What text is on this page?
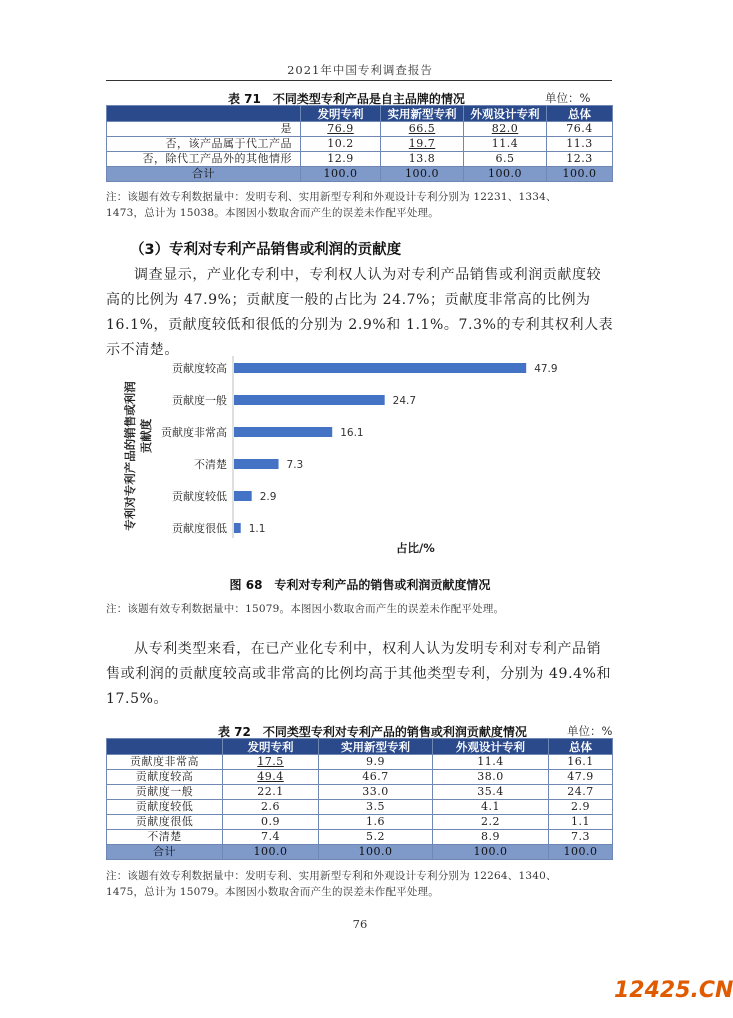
2021年中国专利调查报告
表 71　不同类型专利产品是自主品牌的情况	单位：%
	发明专利	实用新型专利	外观设计专利	总体
是	76.9	66.5	82.0	76.4
否，该产品属于代工产品	10.2	19.7	11.4	11.3
否，除代工产品外的其他情形	12.9	13.8	6.5	12.3
合计	100.0	100.0	100.0	100.0
注：该题有效专利数据量中：发明专利、实用新型专利和外观设计专利分别为 12231、1334、
1473，总计为 15038。本图因小数取舍而产生的误差未作配平处理。
（3）专利对专利产品销售或利润的贡献度
调查显示，产业化专利中，专利权人认为对专利产品销售或利润贡献度较高的比例为 47.9%；贡献度一般的占比为 24.7%；贡献度非常高的比例为 16.1%，贡献度较低和很低的分别为 2.9%和 1.1%。7.3%的专利其权利人表示不清楚。
专利对专利产品的销售或利润 贡献度
贡献度较高	47.9
贡献度一般	24.7
贡献度非常高	16.1
不清楚	7.3
贡献度较低	2.9
贡献度很低 1.1
占比/%
图 68　专利对专利产品的销售或利润贡献度情况
注：该题有效专利数据量中：15079。本图因小数取舍而产生的误差未作配平处理。
从专利类型来看，在已产业化专利中，权利人认为发明专利对专利产品销售或利润的贡献度较高或非常高的比例均高于其他类型专利，分别为 49.4%和 17.5%。
表 72　不同类型专利对专利产品的销售或利润贡献度情况	单位：%
	发明专利	实用新型专利	外观设计专利	总体
贡献度非常高	17.5	9.9	11.4	16.1
贡献度较高	49.4	46.7	38.0	47.9
贡献度一般	22.1	33.0	35.4	24.7
贡献度较低	2.6	3.5	4.1	2.9
贡献度很低	0.9	1.6	2.2	1.1
不清楚	7.4	5.2	8.9	7.3
合计	100.0	100.0	100.0	100.0
注：该题有效专利数据量中：发明专利、实用新型专利和外观设计专利分别为 12264、1340、
1475，总计为 15079。本图因小数取舍而产生的误差未作配平处理。
76
12425.CN
